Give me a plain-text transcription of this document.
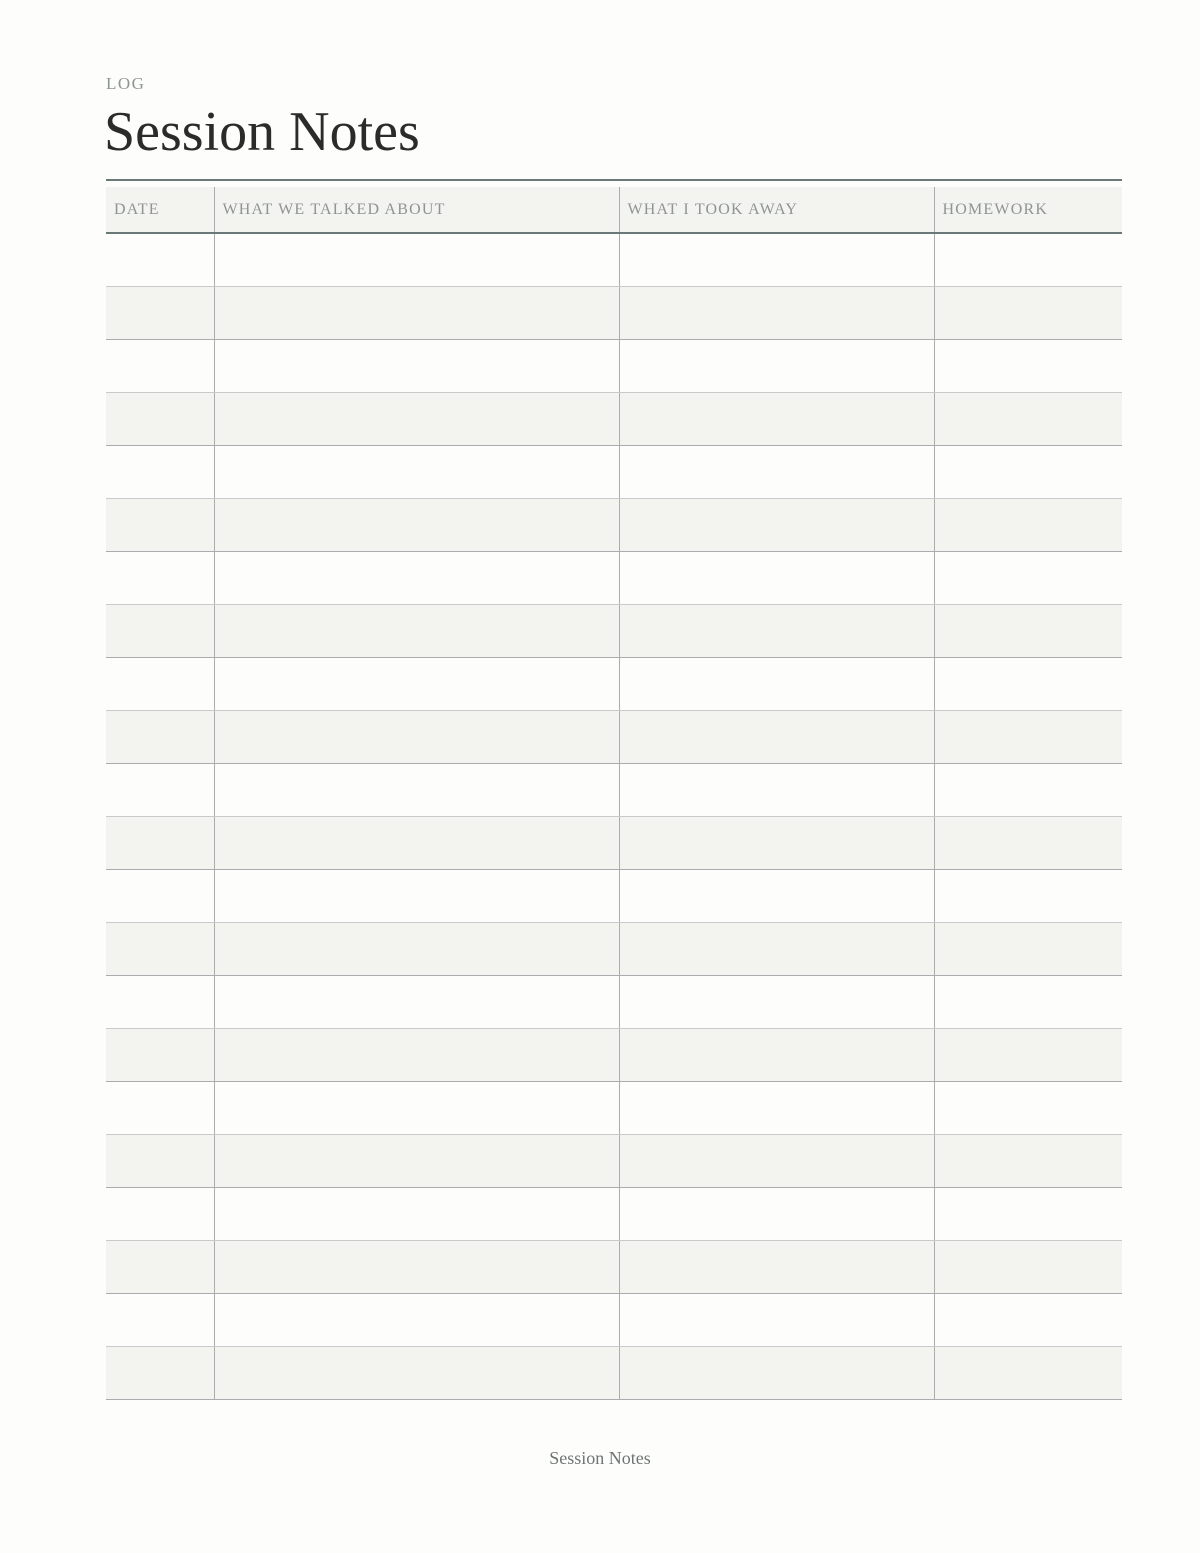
LOG
Session Notes
DATE	WHAT WE TALKED ABOUT	WHAT I TOOK AWAY	HOMEWORK

Session Notes
